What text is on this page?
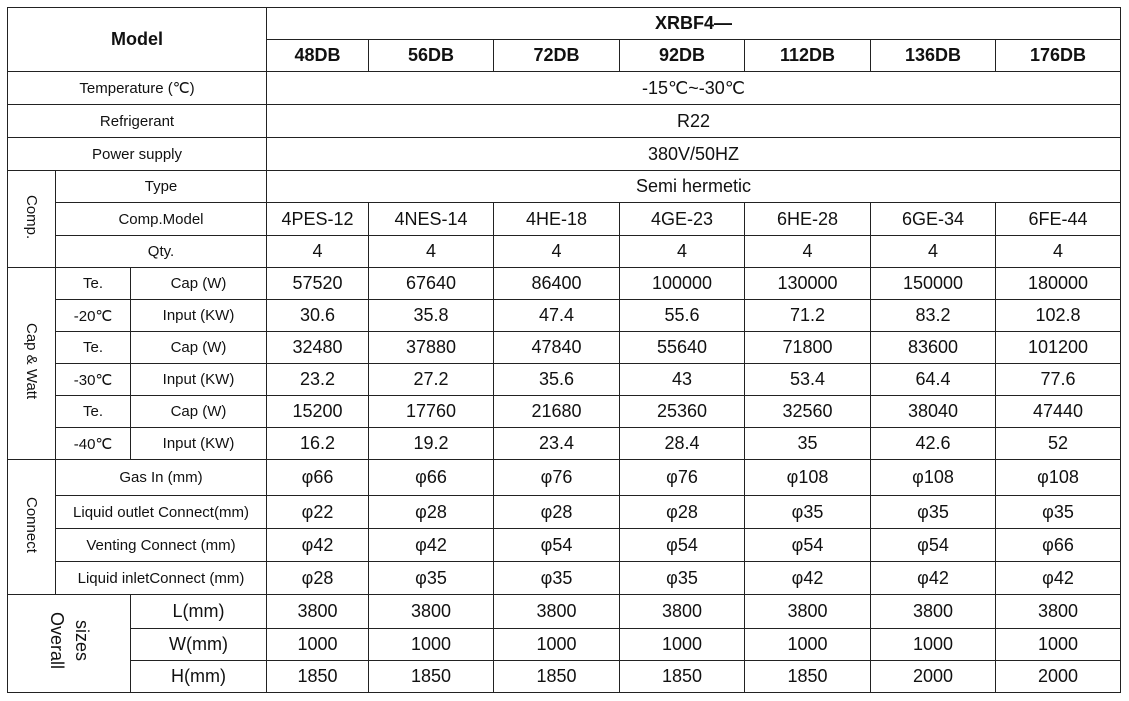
Model			XRBF4—						
			48DB	56DB	72DB	92DB	112DB	136DB	176DB
Temperature (℃)			-15℃~-30℃						
Refrigerant			R22						
Power supply			380V/50HZ						
Comp.	Type		Semi hermetic						
	Comp.Model		4PES-12	4NES-14	4HE-18	4GE-23	6HE-28	6GE-34	6FE-44
	Qty.		4	4	4	4	4	4	4
Cap & Watt	Te.	Cap (W)	57520	67640	86400	100000	130000	150000	180000
	-20℃	Input (KW)	30.6	35.8	47.4	55.6	71.2	83.2	102.8
	Te.	Cap (W)	32480	37880	47840	55640	71800	83600	101200
	-30℃	Input (KW)	23.2	27.2	35.6	43	53.4	64.4	77.6
	Te.	Cap (W)	15200	17760	21680	25360	32560	38040	47440
	-40℃	Input (KW)	16.2	19.2	23.4	28.4	35	42.6	52
Connect	Gas In (mm)		φ66	φ66	φ76	φ76	φ108	φ108	φ108
	Liquid outlet Connect(mm)		φ22	φ28	φ28	φ28	φ35	φ35	φ35
	Venting Connect (mm)		φ42	φ42	φ54	φ54	φ54	φ54	φ66
	Liquid inletConnect (mm)		φ28	φ35	φ35	φ35	φ42	φ42	φ42

Overall sizes		L(mm)	3800	3800	3800	3800	3800	3800	3800
		W(mm)	1000	1000	1000	1000	1000	1000	1000
		H(mm)	1850	1850	1850	1850	1850	2000	2000
